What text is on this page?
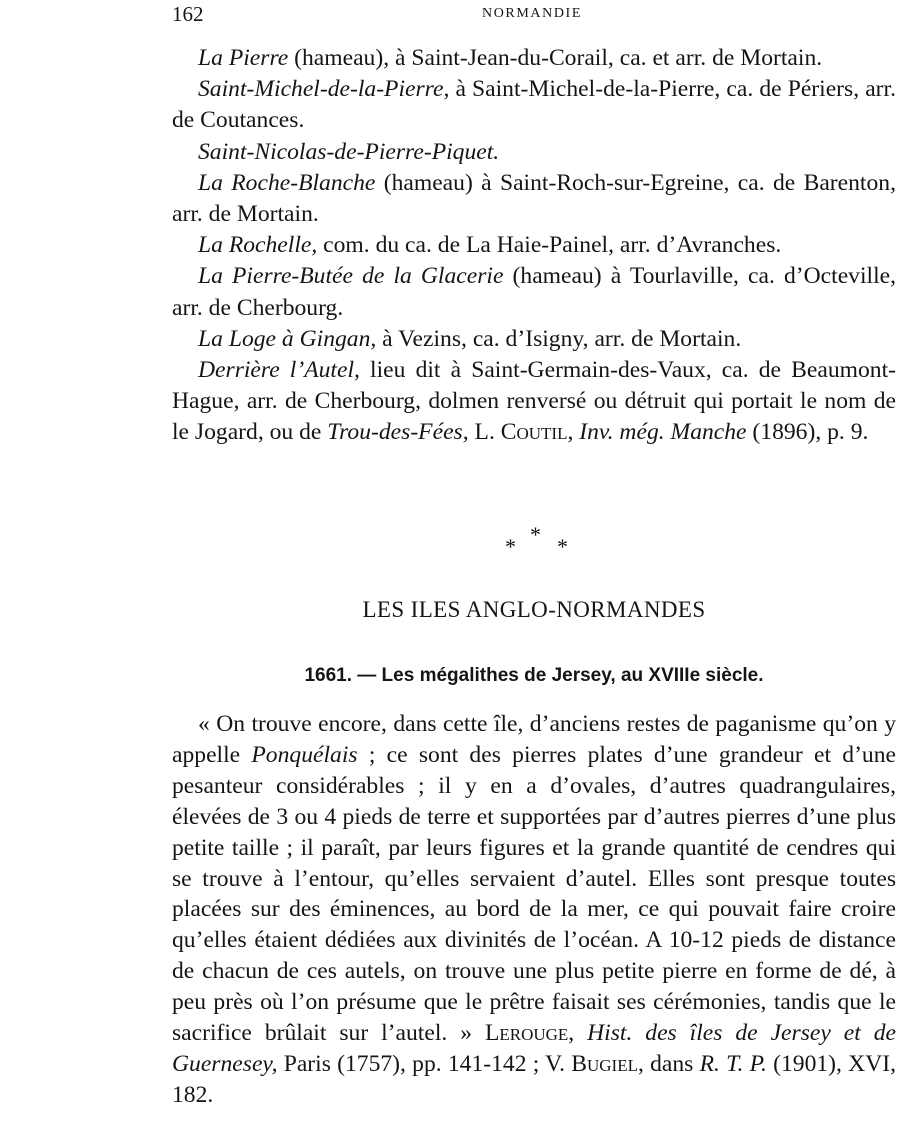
162	NORMANDIE

La Pierre (hameau), à Saint-Jean-du-Corail, ca. et arr. de Mortain.

Saint-Michel-de-la-Pierre, à Saint-Michel-de-la-Pierre, ca. de Périers, arr. de Coutances.

Saint-Nicolas-de-Pierre-Piquet.

La Roche-Blanche (hameau) à Saint-Roch-sur-Egreine, ca. de Barenton, arr. de Mortain.

La Rochelle, com. du ca. de La Haie-Painel, arr. d’Avranches.

La Pierre-Butée de la Glacerie (hameau) à Tourlaville, ca. d’Octeville, arr. de Cherbourg.

La Loge à Gingan, à Vezins, ca. d’Isigny, arr. de Mortain.

Derrière l’Autel, lieu dit à Saint-Germain-des-Vaux, ca. de Beaumont-Hague, arr. de Cherbourg, dolmen renversé ou détruit qui portait le nom de le Jogard, ou de Trou-des-Fées, L. Coutil, Inv. még. Manche (1896), p. 9.

* * *
LES ILES ANGLO-NORMANDES
1661. — Les mégalithes de Jersey, au XVIIIe siècle.

« On trouve encore, dans cette île, d’anciens restes de paganisme qu’on y appelle Ponquélais ; ce sont des pierres plates d’une grandeur et d’une pesanteur considérables ; il y en a d’ovales, d’autres quadrangulaires, élevées de 3 ou 4 pieds de terre et supportées par d’autres pierres d’une plus petite taille ; il paraît, par leurs figures et la grande quantité de cendres qui se trouve à l’entour, qu’elles servaient d’autel. Elles sont presque toutes placées sur des éminences, au bord de la mer, ce qui pouvait faire croire qu’elles étaient dédiées aux divinités de l’océan. A 10-12 pieds de distance de chacun de ces autels, on trouve une plus petite pierre en forme de dé, à peu près où l’on présume que le prêtre faisait ses cérémonies, tandis que le sacrifice brûlait sur l’autel. » Lerouge, Hist. des îles de Jersey et de Guernesey, Paris (1757), pp. 141-142 ; V. Bugiel, dans R. T. P. (1901), XVI, 182.
